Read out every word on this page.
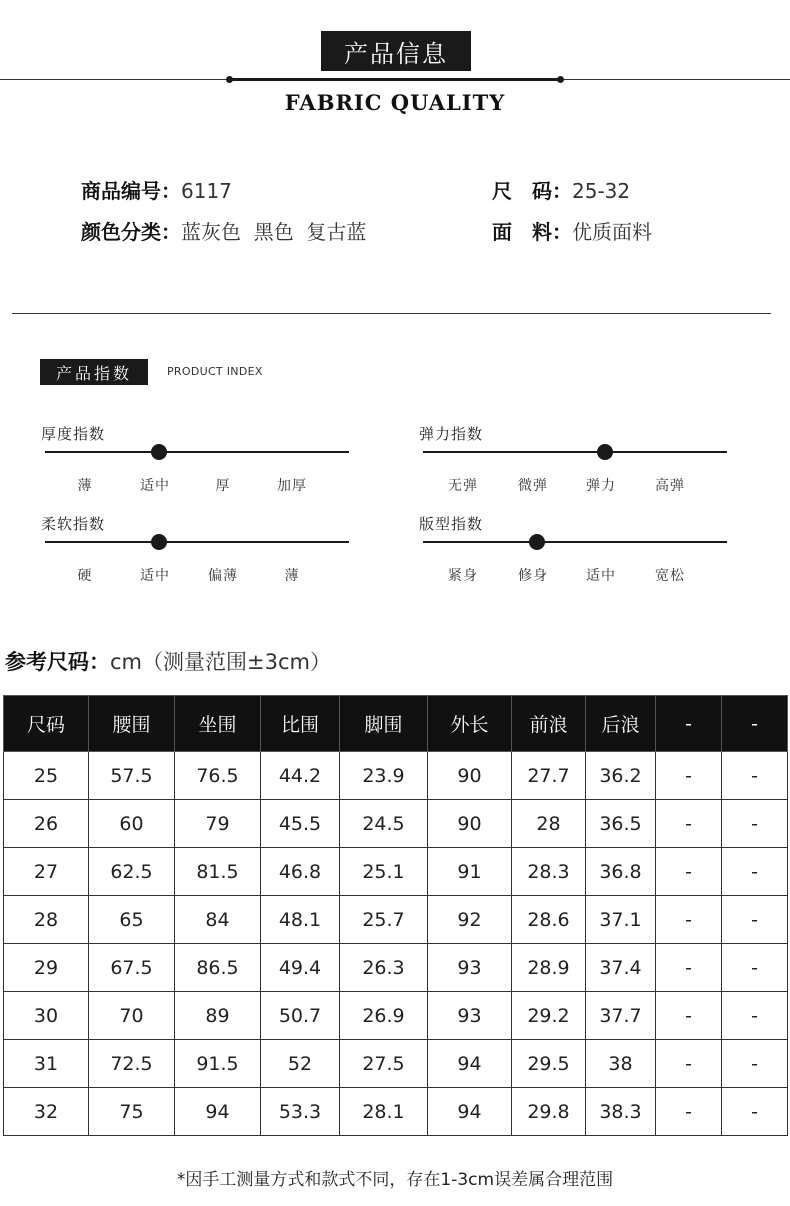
产品信息
FABRIC QUALITY
商品编号：6117	尺　码：25-32
颜色分类：蓝灰色  黑色  复古蓝	面　料：优质面料
产品指数	PRODUCT INDEX
厚度指数
薄	适中	厚	加厚
弹力指数
无弹	微弹	弹力	高弹
柔软指数
硬	适中	偏薄	薄
版型指数
紧身	修身	适中	宽松
参考尺码：cm（测量范围±3cm）
尺码	腰围	坐围	比围	脚围	外长	前浪	后浪	-	-
25	57.5	76.5	44.2	23.9	90	27.7	36.2	-	-
26	60	79	45.5	24.5	90	28	36.5	-	-
27	62.5	81.5	46.8	25.1	91	28.3	36.8	-	-
28	65	84	48.1	25.7	92	28.6	37.1	-	-
29	67.5	86.5	49.4	26.3	93	28.9	37.4	-	-
30	70	89	50.7	26.9	93	29.2	37.7	-	-
31	72.5	91.5	52	27.5	94	29.5	38	-	-
32	75	94	53.3	28.1	94	29.8	38.3	-	-
*因手工测量方式和款式不同，存在1-3cm误差属合理范围
